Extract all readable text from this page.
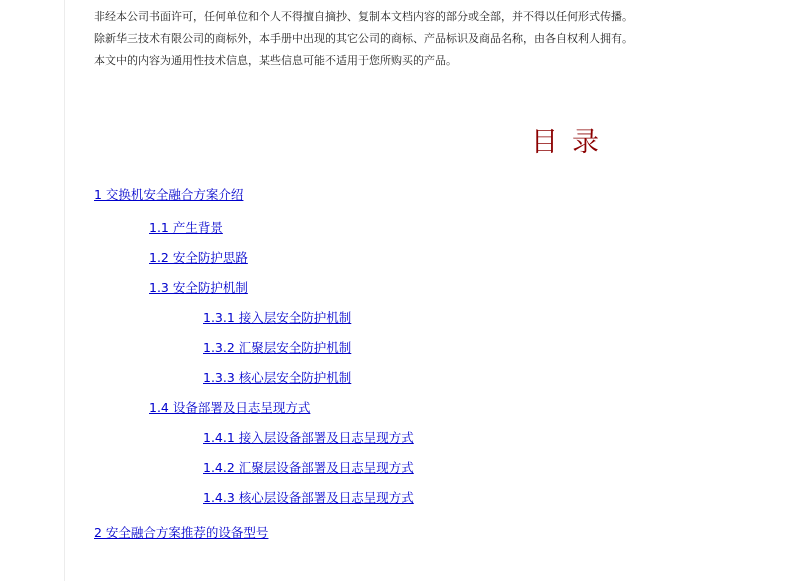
非经本公司书面许可，任何单位和个人不得擅自摘抄、复制本文档内容的部分或全部，并不得以任何形式传播。

除新华三技术有限公司的商标外，本手册中出现的其它公司的商标、产品标识及商品名称，由各自权利人拥有。

本文中的内容为通用性技术信息，某些信息可能不适用于您所购买的产品。

目录
1 交换机安全融合方案介绍
1.1 产生背景
1.2 安全防护思路
1.3 安全防护机制
1.3.1 接入层安全防护机制
1.3.2 汇聚层安全防护机制
1.3.3 核心层安全防护机制
1.4 设备部署及日志呈现方式
1.4.1 接入层设备部署及日志呈现方式
1.4.2 汇聚层设备部署及日志呈现方式
1.4.3 核心层设备部署及日志呈现方式
2 安全融合方案推荐的设备型号
